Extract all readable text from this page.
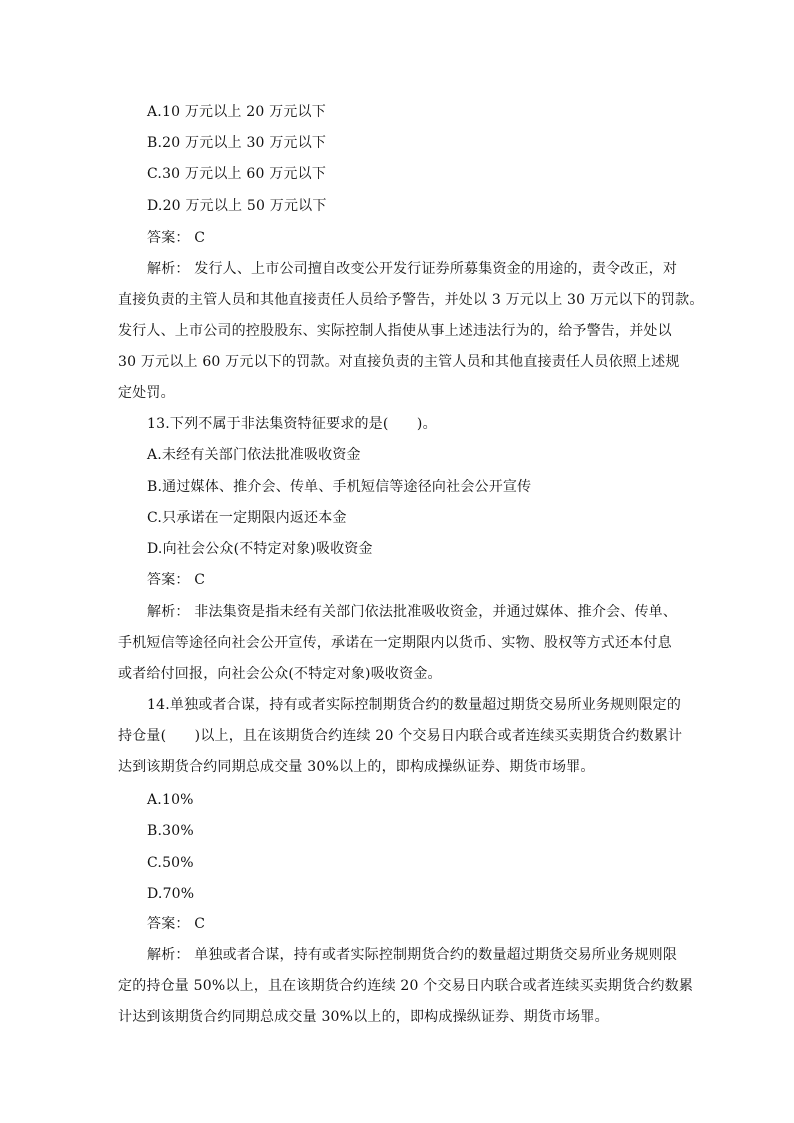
A.10 万元以上 20 万元以下
B.20 万元以上 30 万元以下
C.30 万元以上 60 万元以下
D.20 万元以上 50 万元以下
答案： C
解析： 发行人、上市公司擅自改变公开发行证券所募集资金的用途的，责令改正，对
直接负责的主管人员和其他直接责任人员给予警告，并处以 3 万元以上 30 万元以下的罚款。
发行人、上市公司的控股股东、实际控制人指使从事上述违法行为的，给予警告，并处以
30 万元以上 60 万元以下的罚款。对直接负责的主管人员和其他直接责任人员依照上述规
定处罚。
13.下列不属于非法集资特征要求的是(　　)。
A.未经有关部门依法批准吸收资金
B.通过媒体、推介会、传单、手机短信等途径向社会公开宣传
C.只承诺在一定期限内返还本金
D.向社会公众(不特定对象)吸收资金
答案： C
解析： 非法集资是指未经有关部门依法批准吸收资金，并通过媒体、推介会、传单、
手机短信等途径向社会公开宣传，承诺在一定期限内以货币、实物、股权等方式还本付息
或者给付回报，向社会公众(不特定对象)吸收资金。
14.单独或者合谋，持有或者实际控制期货合约的数量超过期货交易所业务规则限定的
持仓量(　　)以上，且在该期货合约连续 20 个交易日内联合或者连续买卖期货合约数累计
达到该期货合约同期总成交量 30%以上的，即构成操纵证券、期货市场罪。
A.10%
B.30%
C.50%
D.70%
答案： C
解析： 单独或者合谋，持有或者实际控制期货合约的数量超过期货交易所业务规则限
定的持仓量 50%以上，且在该期货合约连续 20 个交易日内联合或者连续买卖期货合约数累
计达到该期货合约同期总成交量 30%以上的，即构成操纵证券、期货市场罪。
